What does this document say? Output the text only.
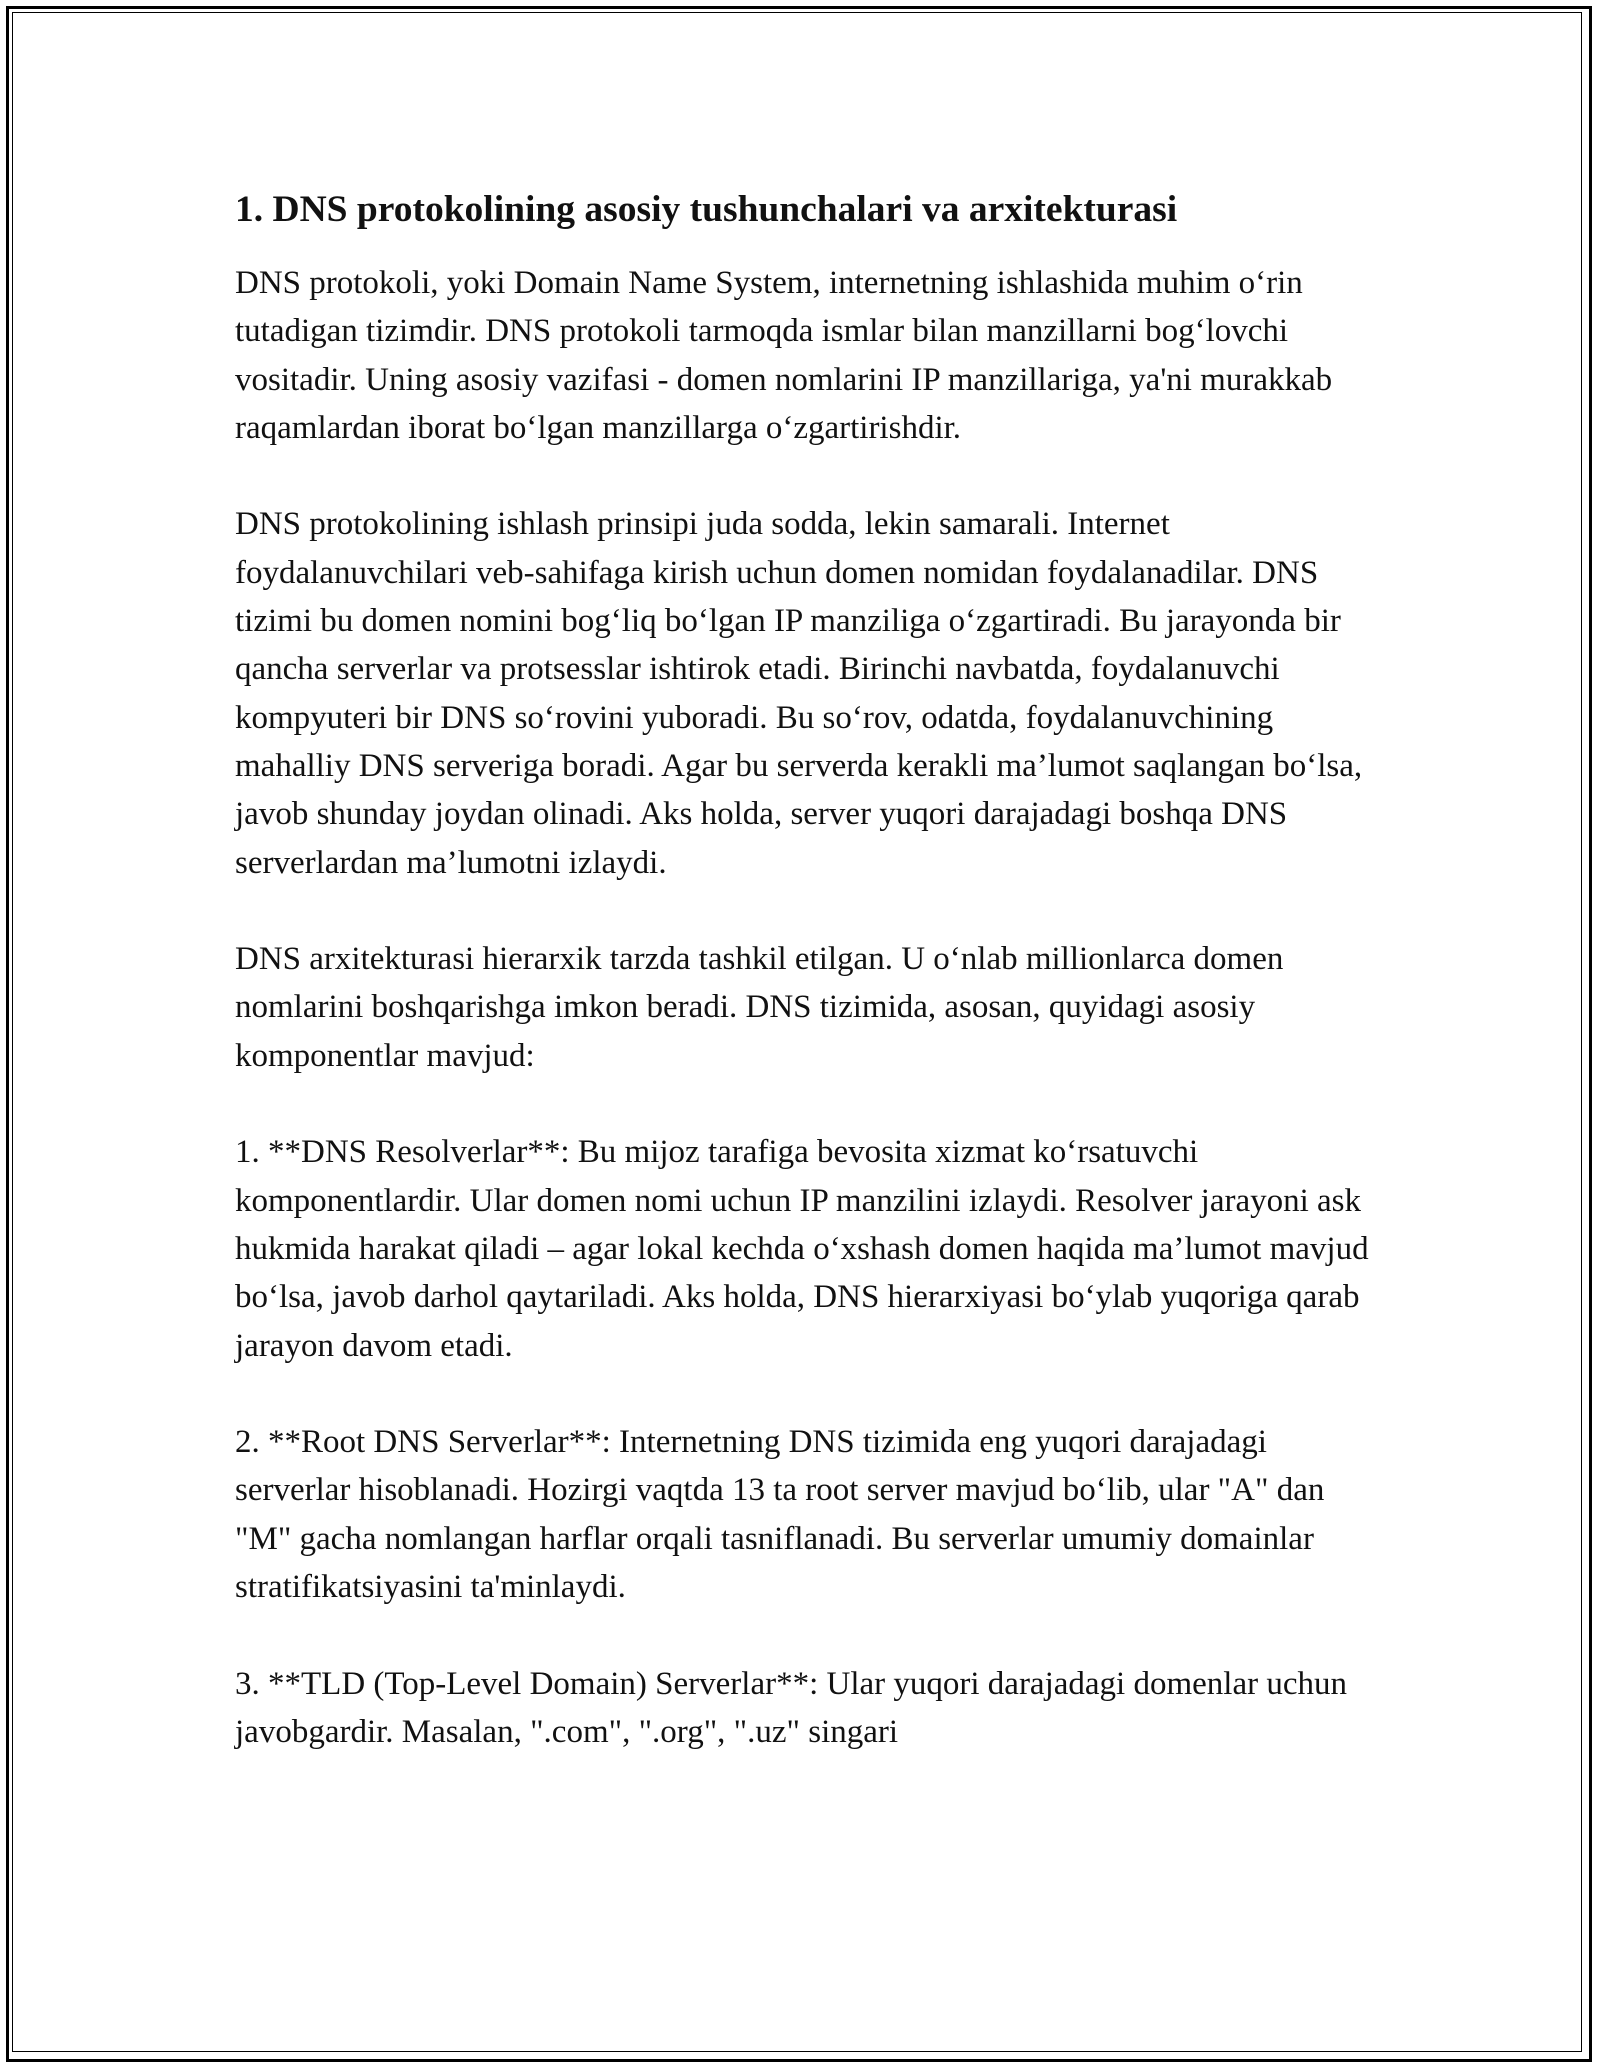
1. DNS protokolining asosiy tushunchalari va arxitekturasi

DNS protokoli, yoki Domain Name System, internetning ishlashida muhim o‘rin tutadigan tizimdir. DNS protokoli tarmoqda ismlar bilan manzillarni bog‘lovchi vositadir. Uning asosiy vazifasi - domen nomlarini IP manzillariga, ya'ni murakkab raqamlardan iborat bo‘lgan manzillarga o‘zgartirishdir.

DNS protokolining ishlash prinsipi juda sodda, lekin samarali. Internet foydalanuvchilari veb-sahifaga kirish uchun domen nomidan foydalanadilar. DNS tizimi bu domen nomini bog‘liq bo‘lgan IP manziliga o‘zgartiradi. Bu jarayonda bir qancha serverlar va protsesslar ishtirok etadi. Birinchi navbatda, foydalanuvchi kompyuteri bir DNS so‘rovini yuboradi. Bu so‘rov, odatda, foydalanuvchining mahalliy DNS serveriga boradi. Agar bu serverda kerakli ma’lumot saqlangan bo‘lsa, javob shunday joydan olinadi. Aks holda, server yuqori darajadagi boshqa DNS serverlardan ma’lumotni izlaydi.

DNS arxitekturasi hierarxik tarzda tashkil etilgan. U o‘nlab millionlarca domen nomlarini boshqarishga imkon beradi. DNS tizimida, asosan, quyidagi asosiy komponentlar mavjud:

1. **DNS Resolverlar**: Bu mijoz tarafiga bevosita xizmat ko‘rsatuvchi komponentlardir. Ular domen nomi uchun IP manzilini izlaydi. Resolver jarayoni ask hukmida harakat qiladi – agar lokal kechda o‘xshash domen haqida ma’lumot mavjud bo‘lsa, javob darhol qaytariladi. Aks holda, DNS hierarxiyasi bo‘ylab yuqoriga qarab jarayon davom etadi.

2. **Root DNS Serverlar**: Internetning DNS tizimida eng yuqori darajadagi serverlar hisoblanadi. Hozirgi vaqtda 13 ta root server mavjud bo‘lib, ular "A" dan "M" gacha nomlangan harflar orqali tasniflanadi. Bu serverlar umumiy domainlar stratifikatsiyasini ta'minlaydi.

3. **TLD (Top-Level Domain) Serverlar**: Ular yuqori darajadagi domenlar uchun javobgardir. Masalan, ".com", ".org", ".uz" singari
